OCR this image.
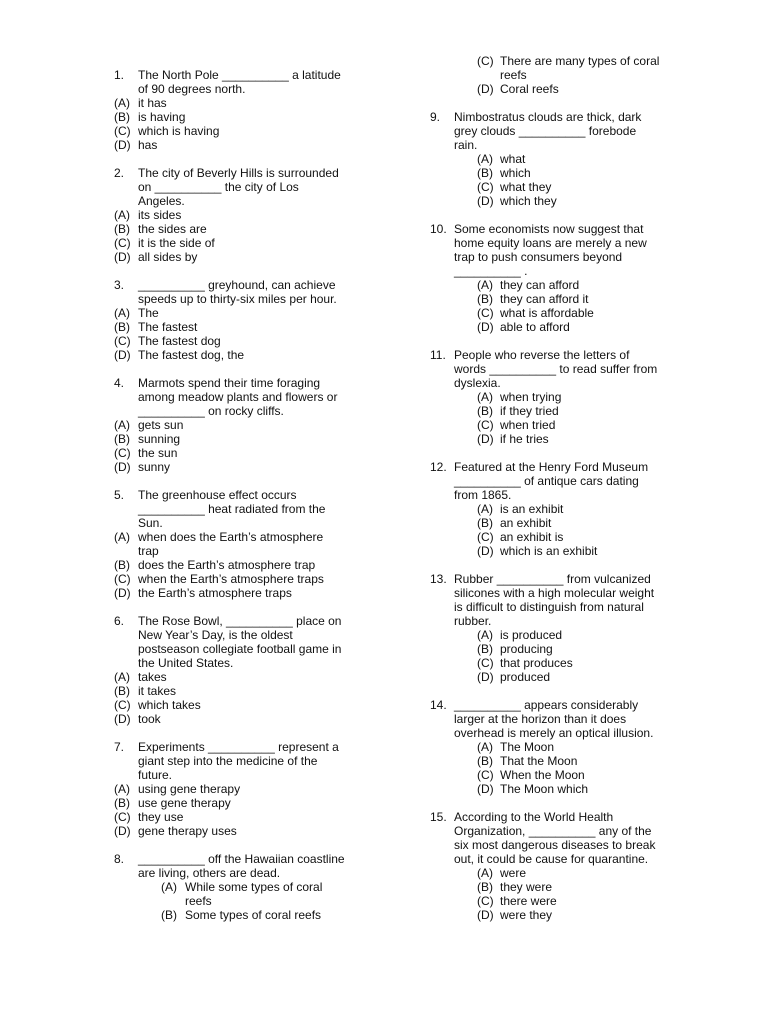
1. The North Pole __________ a latitude
of 90 degrees north.
(A) it has
(B) is having
(C) which is having
(D) has
2. The city of Beverly Hills is surrounded
on __________ the city of Los
Angeles.
(A) its sides
(B) the sides are
(C) it is the side of
(D) all sides by
3. __________ greyhound, can achieve
speeds up to thirty-six miles per hour.
(A) The
(B) The fastest
(C) The fastest dog
(D) The fastest dog, the
4. Marmots spend their time foraging
among meadow plants and flowers or
__________ on rocky cliffs.
(A) gets sun
(B) sunning
(C) the sun
(D) sunny
5. The greenhouse effect occurs
__________ heat radiated from the
Sun.
(A) when does the Earth’s atmosphere
trap
(B) does the Earth’s atmosphere trap
(C) when the Earth’s atmosphere traps
(D) the Earth’s atmosphere traps
6. The Rose Bowl, __________ place on
New Year’s Day, is the oldest
postseason collegiate football game in
the United States.
(A) takes
(B) it takes
(C) which takes
(D) took
7. Experiments __________ represent a
giant step into the medicine of the
future.
(A) using gene therapy
(B) use gene therapy
(C) they use
(D) gene therapy uses
8. __________ off the Hawaiian coastline
are living, others are dead.
(A) While some types of coral
reefs
(B) Some types of coral reefs
(C) There are many types of coral
reefs
(D) Coral reefs
9. Nimbostratus clouds are thick, dark
grey clouds __________ forebode
rain.
(A) what
(B) which
(C) what they
(D) which they
10. Some economists now suggest that
home equity loans are merely a new
trap to push consumers beyond
__________ .
(A) they can afford
(B) they can afford it
(C) what is affordable
(D) able to afford
11. People who reverse the letters of
words __________ to read suffer from
dyslexia.
(A) when trying
(B) if they tried
(C) when tried
(D) if he tries
12. Featured at the Henry Ford Museum
__________ of antique cars dating
from 1865.
(A) is an exhibit
(B) an exhibit
(C) an exhibit is
(D) which is an exhibit
13. Rubber __________ from vulcanized
silicones with a high molecular weight
is difficult to distinguish from natural
rubber.
(A) is produced
(B) producing
(C) that produces
(D) produced
14. __________ appears considerably
larger at the horizon than it does
overhead is merely an optical illusion.
(A) The Moon
(B) That the Moon
(C) When the Moon
(D) The Moon which
15. According to the World Health
Organization, __________ any of the
six most dangerous diseases to break
out, it could be cause for quarantine.
(A) were
(B) they were
(C) there were
(D) were they
